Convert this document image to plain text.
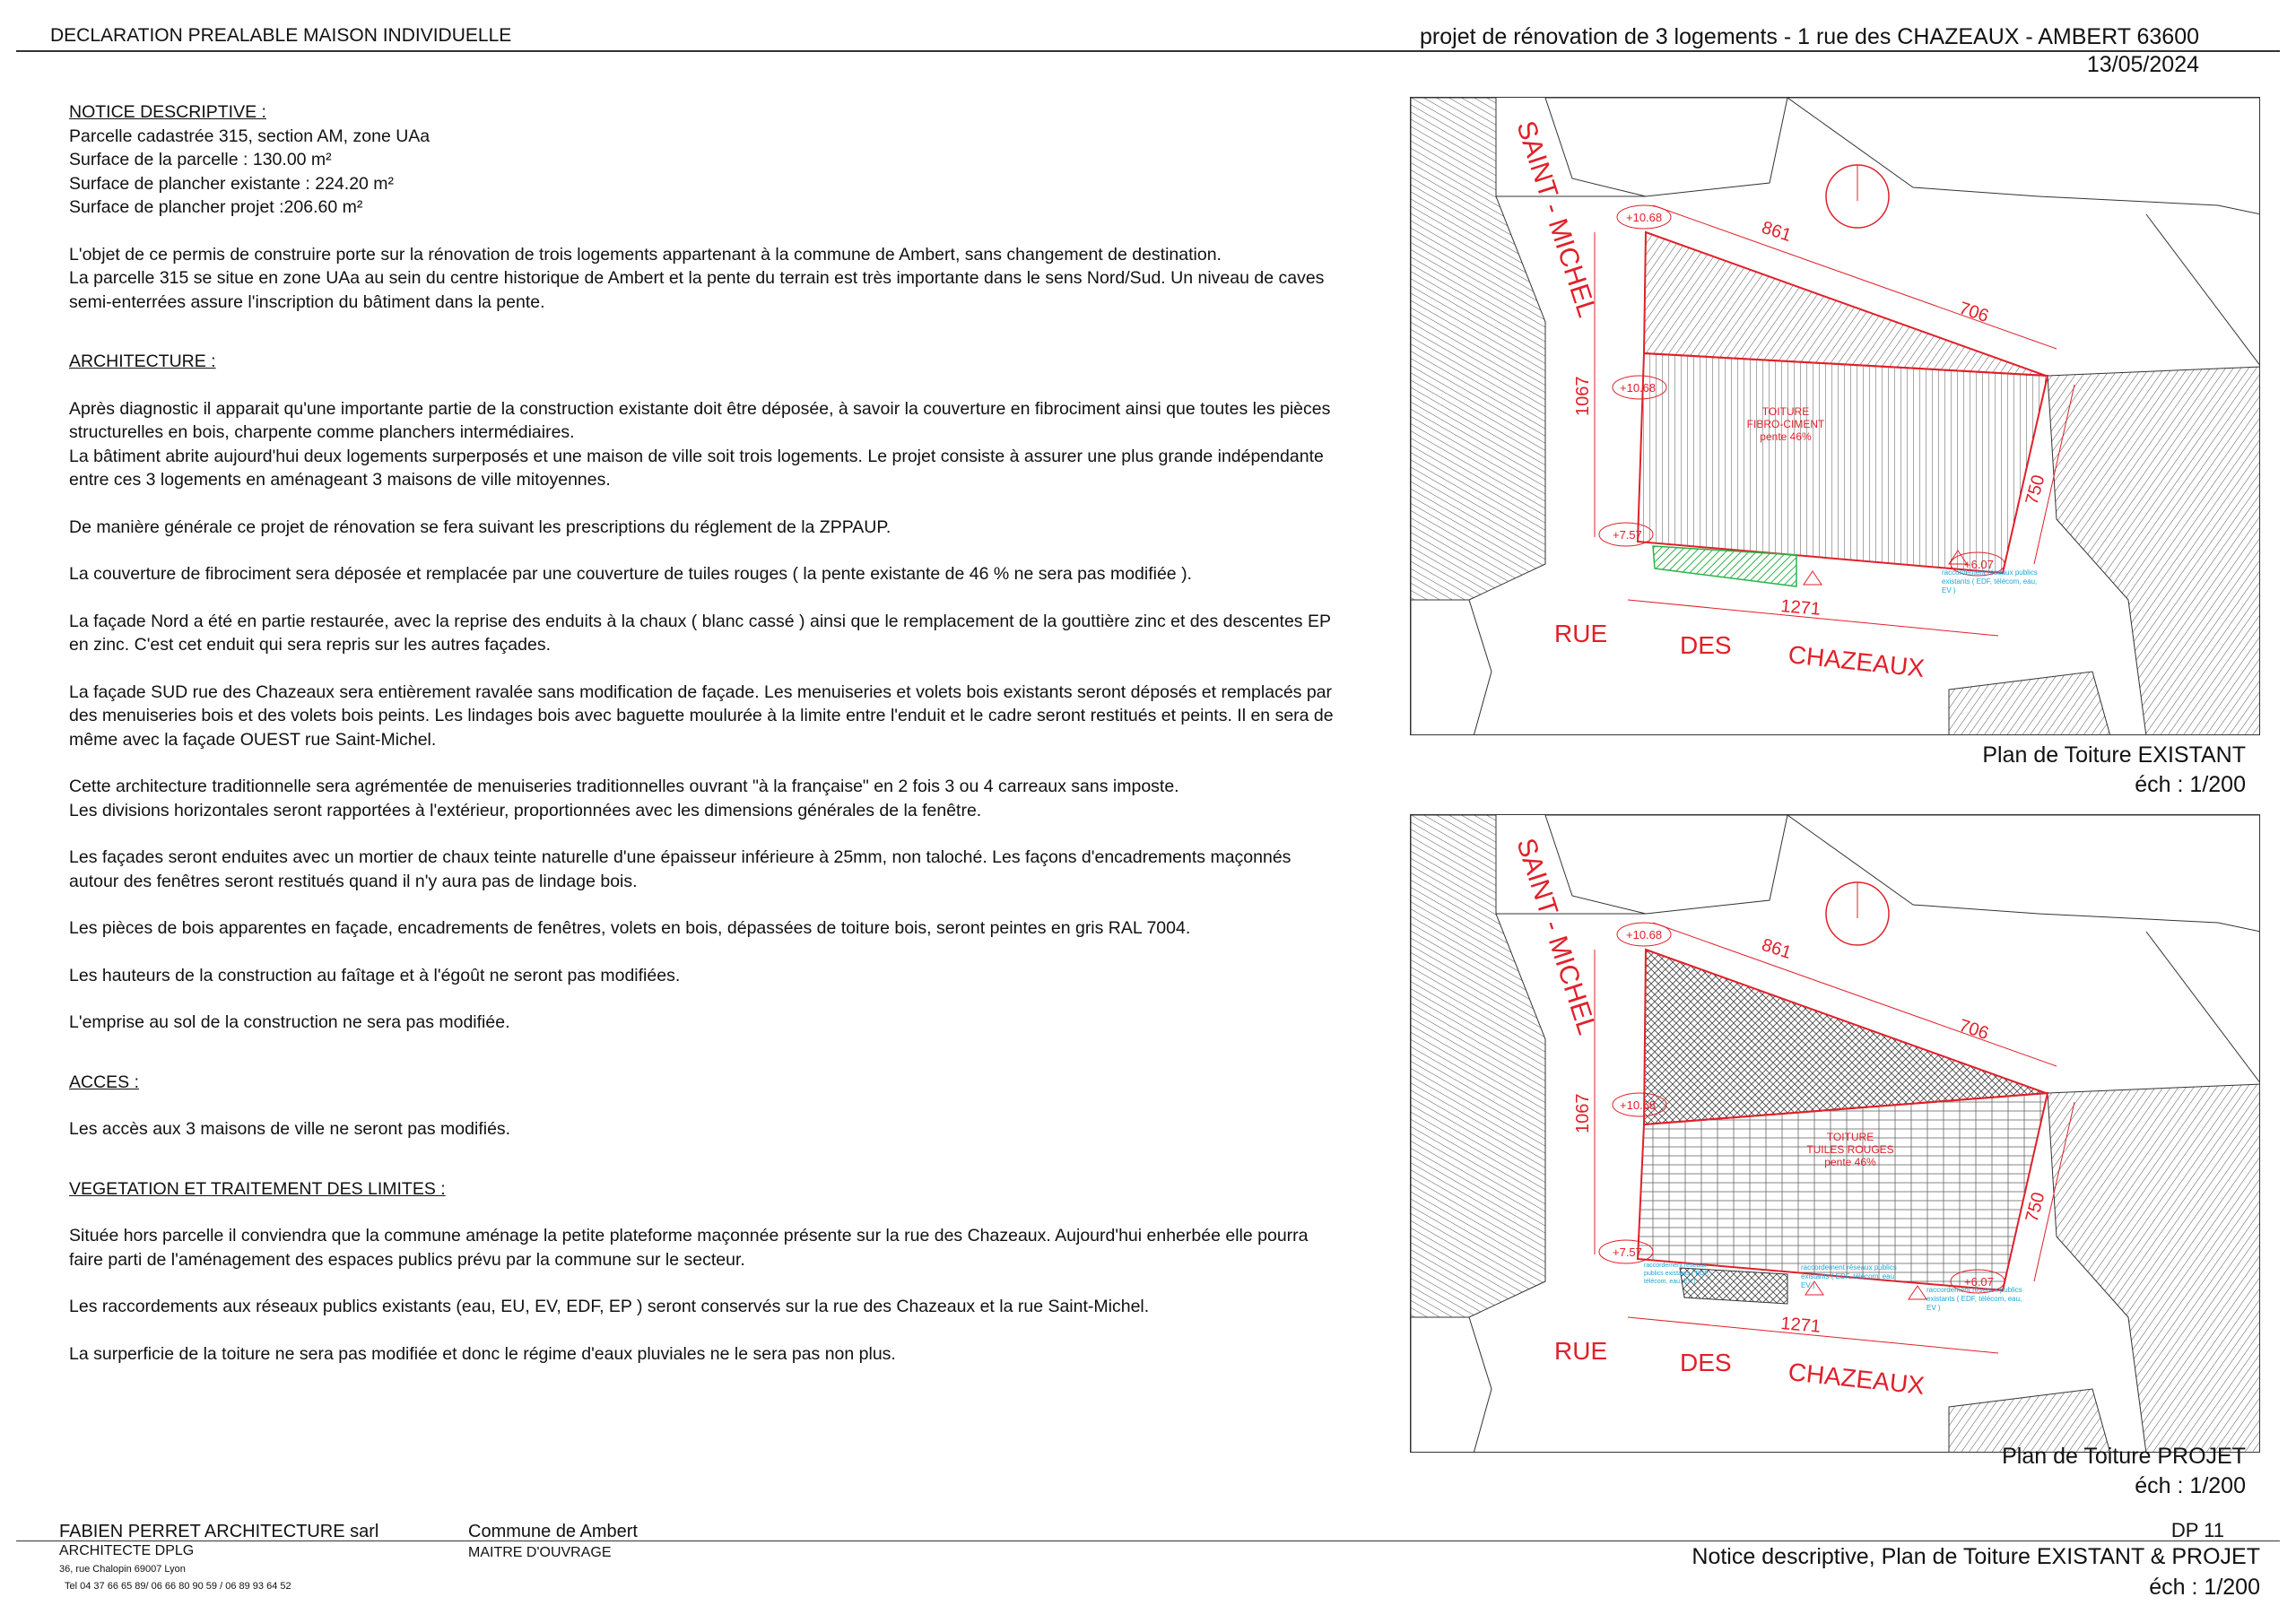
DECLARATION PREALABLE MAISON INDIVIDUELLE	projet de rénovation de 3 logements - 1 rue des CHAZEAUX - AMBERT 63600
13/05/2024

NOTICE DESCRIPTIVE :

Parcelle cadastrée 315, section AM, zone UAa

Surface de la parcelle : 130.00 m²

Surface de plancher existante : 224.20 m²

Surface de plancher projet :206.60 m²

L'objet de ce permis de construire porte sur la rénovation de trois logements appartenant à la commune de Ambert, sans changement de destination.
La parcelle 315 se situe en zone UAa au sein du centre historique de Ambert et la pente du terrain est très importante dans le sens Nord/Sud. Un niveau de caves semi-enterrées assure l'inscription du bâtiment dans la pente.

ARCHITECTURE :

Après diagnostic il apparait qu'une importante partie de la construction existante doit être déposée, à savoir la couverture en fibrociment ainsi que toutes les pièces structurelles en bois, charpente comme planchers intermédiaires.
La bâtiment abrite aujourd'hui deux logements surperposés et une maison de ville soit trois logements. Le projet consiste à assurer une plus grande indépendante entre ces 3 logements en aménageant 3 maisons de ville mitoyennes.

De manière générale ce projet de rénovation se fera suivant les prescriptions du réglement de la ZPPAUP.

La couverture de fibrociment sera déposée et remplacée par une couverture de tuiles rouges ( la pente existante de 46 % ne sera pas modifiée ).

La façade Nord a été en partie restaurée, avec la reprise des enduits à la chaux ( blanc cassé ) ainsi que le remplacement de la gouttière zinc et des descentes EP en zinc. C'est cet enduit qui sera repris sur les autres façades.

La façade SUD rue des Chazeaux sera entièrement ravalée sans modification de façade. Les menuiseries et volets bois existants seront déposés et remplacés par des menuiseries bois et des volets bois peints. Les lindages bois avec baguette moulurée à la limite entre l'enduit et le cadre seront restitués et peints. Il en sera de même avec la façade OUEST rue Saint-Michel.

Cette architecture traditionnelle sera agrémentée de menuiseries traditionnelles ouvrant "à la française" en 2 fois 3 ou 4 carreaux sans imposte.
Les divisions horizontales seront rapportées à l'extérieur, proportionnées avec les dimensions générales de la fenêtre.

Les façades seront enduites avec un mortier de chaux teinte naturelle d'une épaisseur inférieure à 25mm, non taloché. Les façons d'encadrements maçonnés autour des fenêtres seront restitués quand il n'y aura pas de lindage bois.

Les pièces de bois apparentes en façade, encadrements de fenêtres, volets en bois, dépassées de toiture bois, seront peintes en gris RAL 7004.

Les hauteurs de la construction au faîtage et à l'égoût ne seront pas modifiées.

L'emprise au sol de la construction ne sera pas modifiée.

ACCES :

Les accès aux 3 maisons de ville ne seront pas modifiés.

VEGETATION ET TRAITEMENT DES LIMITES :

Située hors parcelle il conviendra que la commune aménage la petite plateforme maçonnée présente sur la rue des Chazeaux. Aujourd'hui enherbée elle pourra faire parti de l'aménagement des espaces publics prévu par la commune sur le secteur.

Les raccordements aux réseaux publics existants (eau, EU, EV, EDF, EP ) seront conservés sur la rue des Chazeaux et la rue Saint-Michel.

La surperficie de la toiture ne sera pas modifiée et donc le régime d'eaux pluviales ne le sera pas non plus.

SAINT - MICHEL
RUE	DES CHAZEAUX
861
706
1067
750
1271
+10.68
+10.68
+7.57
+6.07
TOITURE
FIBRO-CIMENT
pente 46%
raccordement réseaux publics existants ( EDF, télécom, eau, EV )
Plan de Toiture EXISTANT
éch : 1/200
SAINT - MICHEL
RUE	DES CHAZEAUX
861
706
1067
750
1271
+10.68
+10.68
+7.57
+6.07
TOITURE
TUILES ROUGES
pente 46%
raccordement réseaux publics existants ( EDF, télécom, eau, EV )
raccordement réseaux publics existants ( EDF, télécom, eau, EV )
raccordement réseaux publics existants ( EDF, télécom, eau, EV )
Plan de Toiture PROJET
éch : 1/200
FABIEN PERRET ARCHITECTURE sarl
ARCHITECTE DPLG
36, rue Chalopin 69007 Lyon
Tel 04 37 66 65 89/ 06 66 80 90 59 / 06 89 93 64 52
Commune de Ambert
MAITRE D'OUVRAGE
DP 11
Notice descriptive, Plan de Toiture EXISTANT & PROJET
éch : 1/200
